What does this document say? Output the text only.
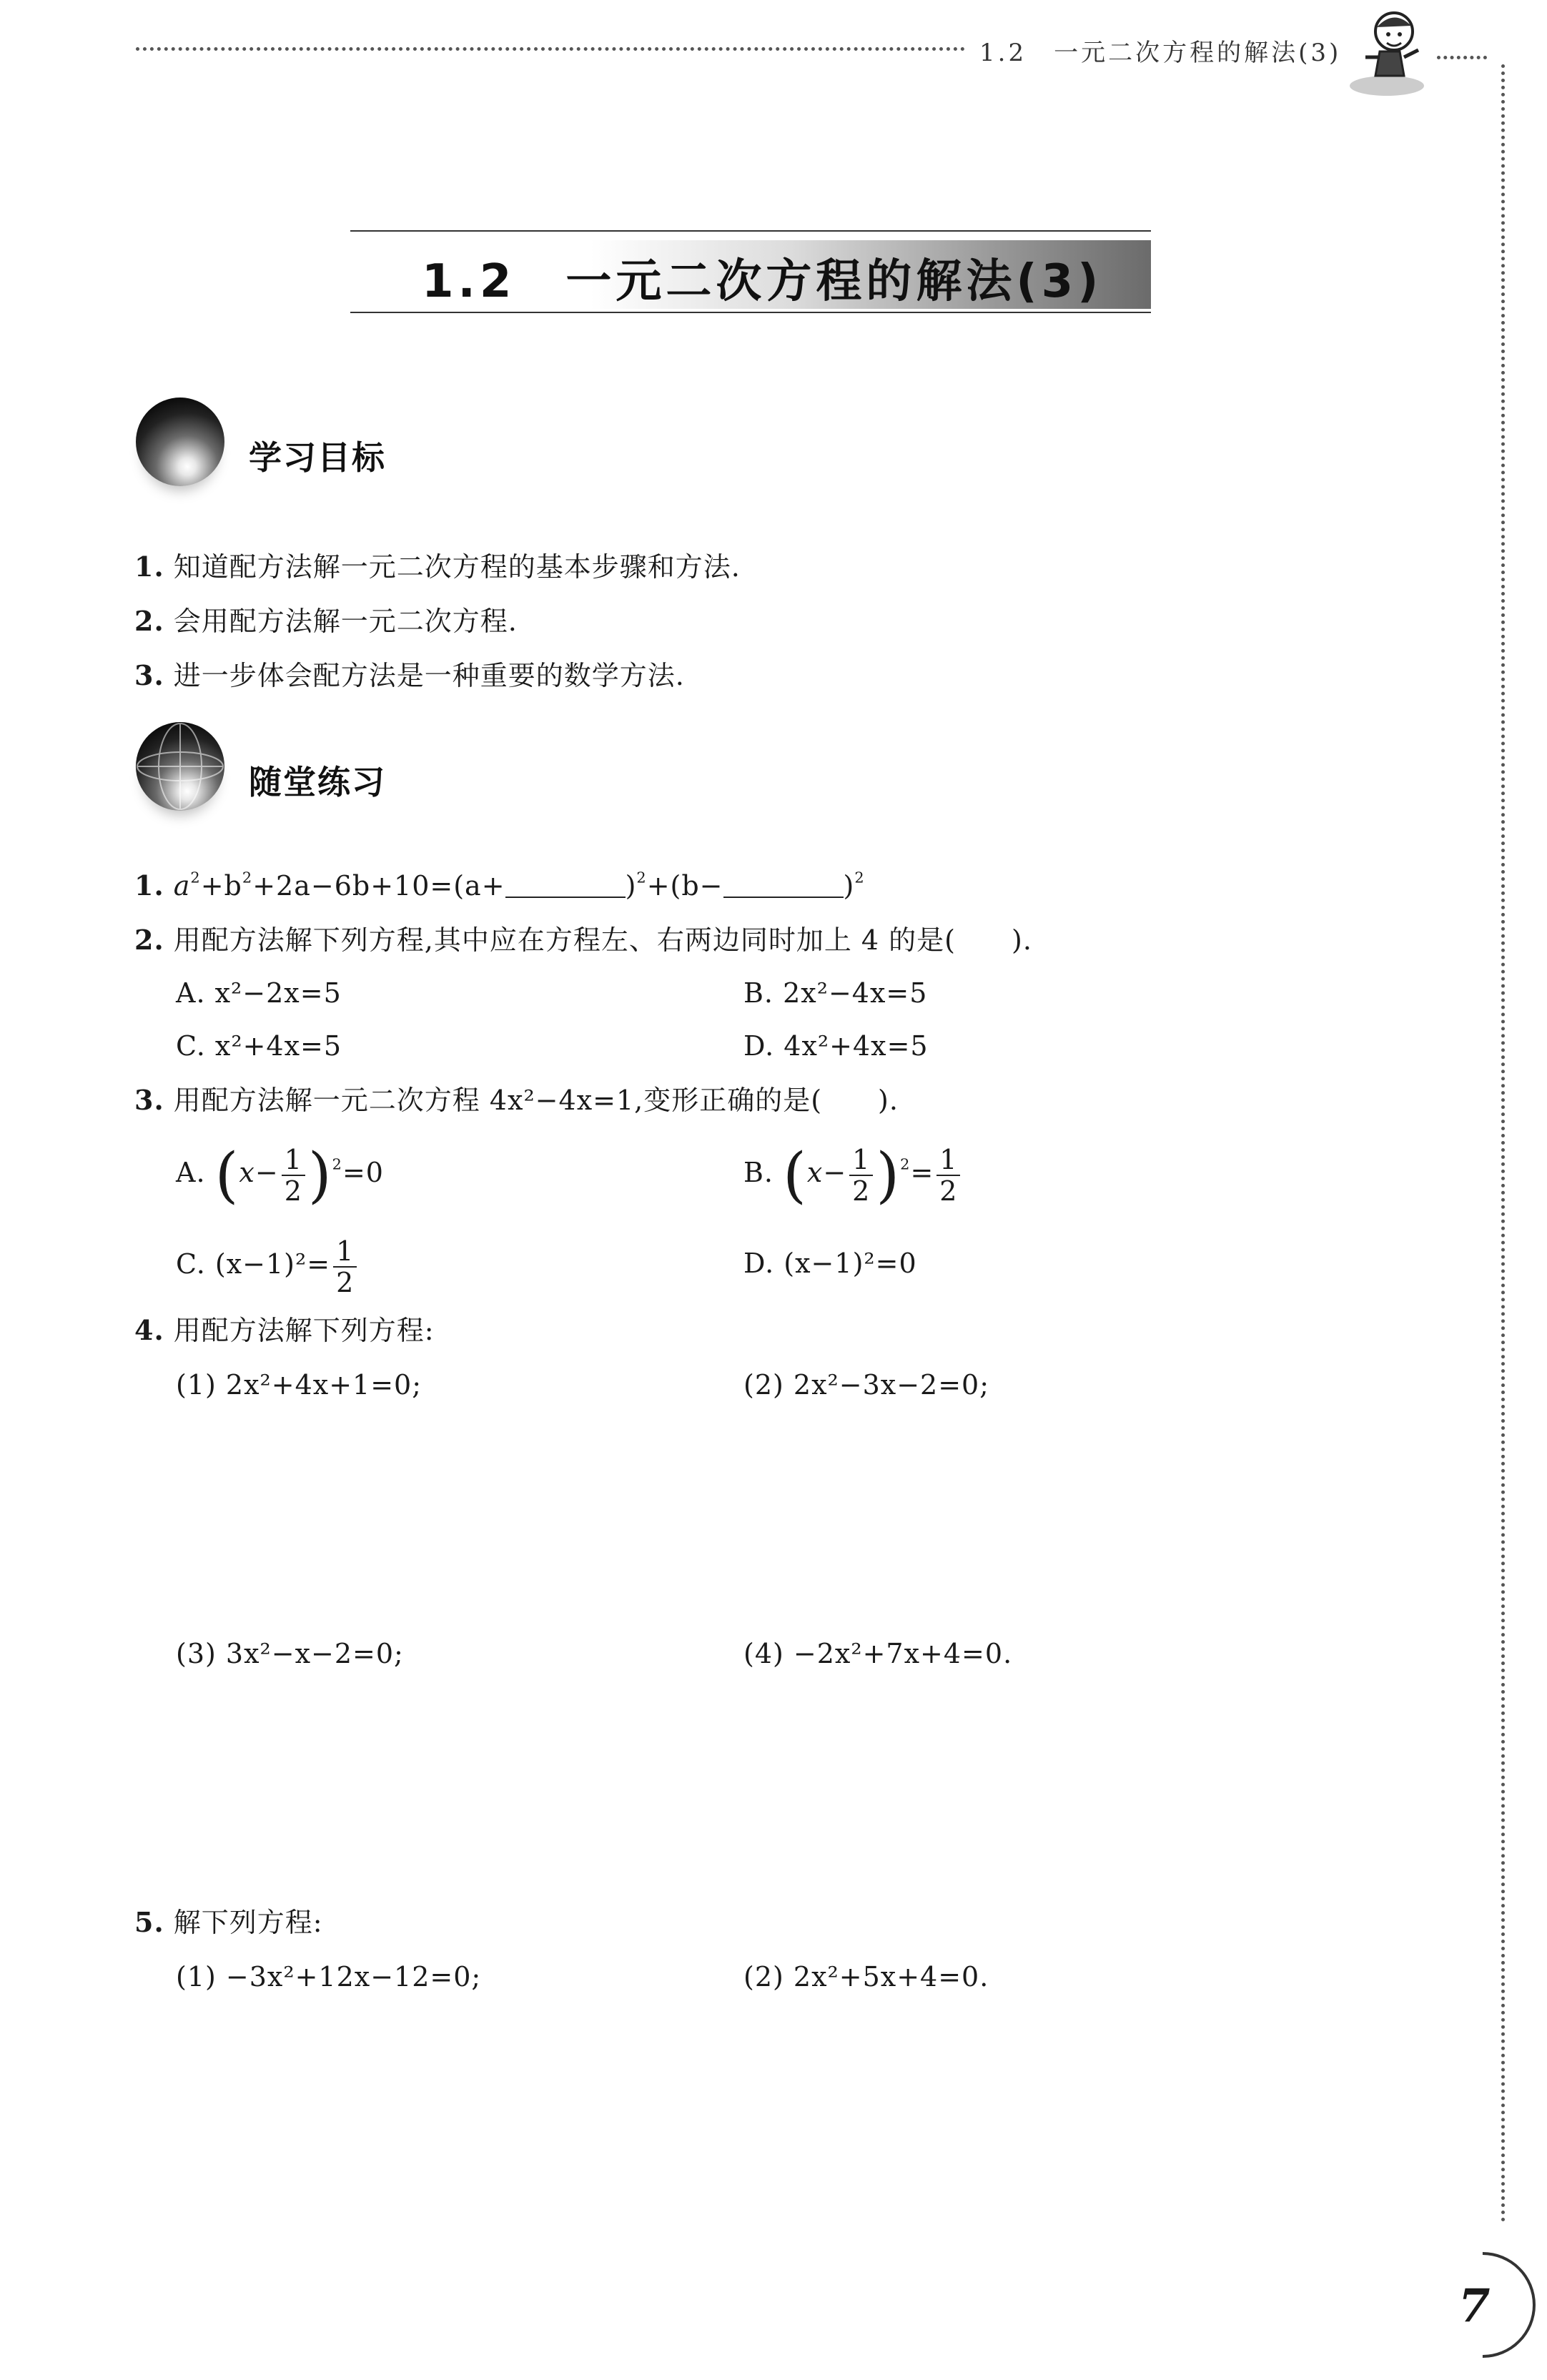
1.2　一元二次方程的解法(3)
1.2　一元二次方程的解法(3)
学习目标
1. 知道配方法解一元二次方程的基本步骤和方法.
2. 会用配方法解一元二次方程.
3. 进一步体会配方法是一种重要的数学方法.
随堂练习
1. $a^2+b^2+2a-6b+10=(a+$	)$^2$+(b−	)$^2$
2. 用配方法解下列方程,其中应在方程左、右两边同时加上 4 的是(　　).
A. x²−2x=5	B. 2x²−4x=5
C. x²+4x=5	D. 4x²+4x=5
3. 用配方法解一元二次方程 4x²−4x=1,变形正确的是(　　).
A. $(x- \frac{1}{2} )^2=0$	B. $(x- \frac{1}{2} )^2= \frac{1}{2}$
C. $(x-1)^2= \frac{1}{2}$	D. (x−1)²=0
4. 用配方法解下列方程:
(1) 2x²+4x+1=0;	(2) 2x²−3x−2=0;
(3) 3x²−x−2=0;	(4) −2x²+7x+4=0.
5. 解下列方程:
(1) −3x²+12x−12=0;	(2) 2x²+5x+4=0.
7
